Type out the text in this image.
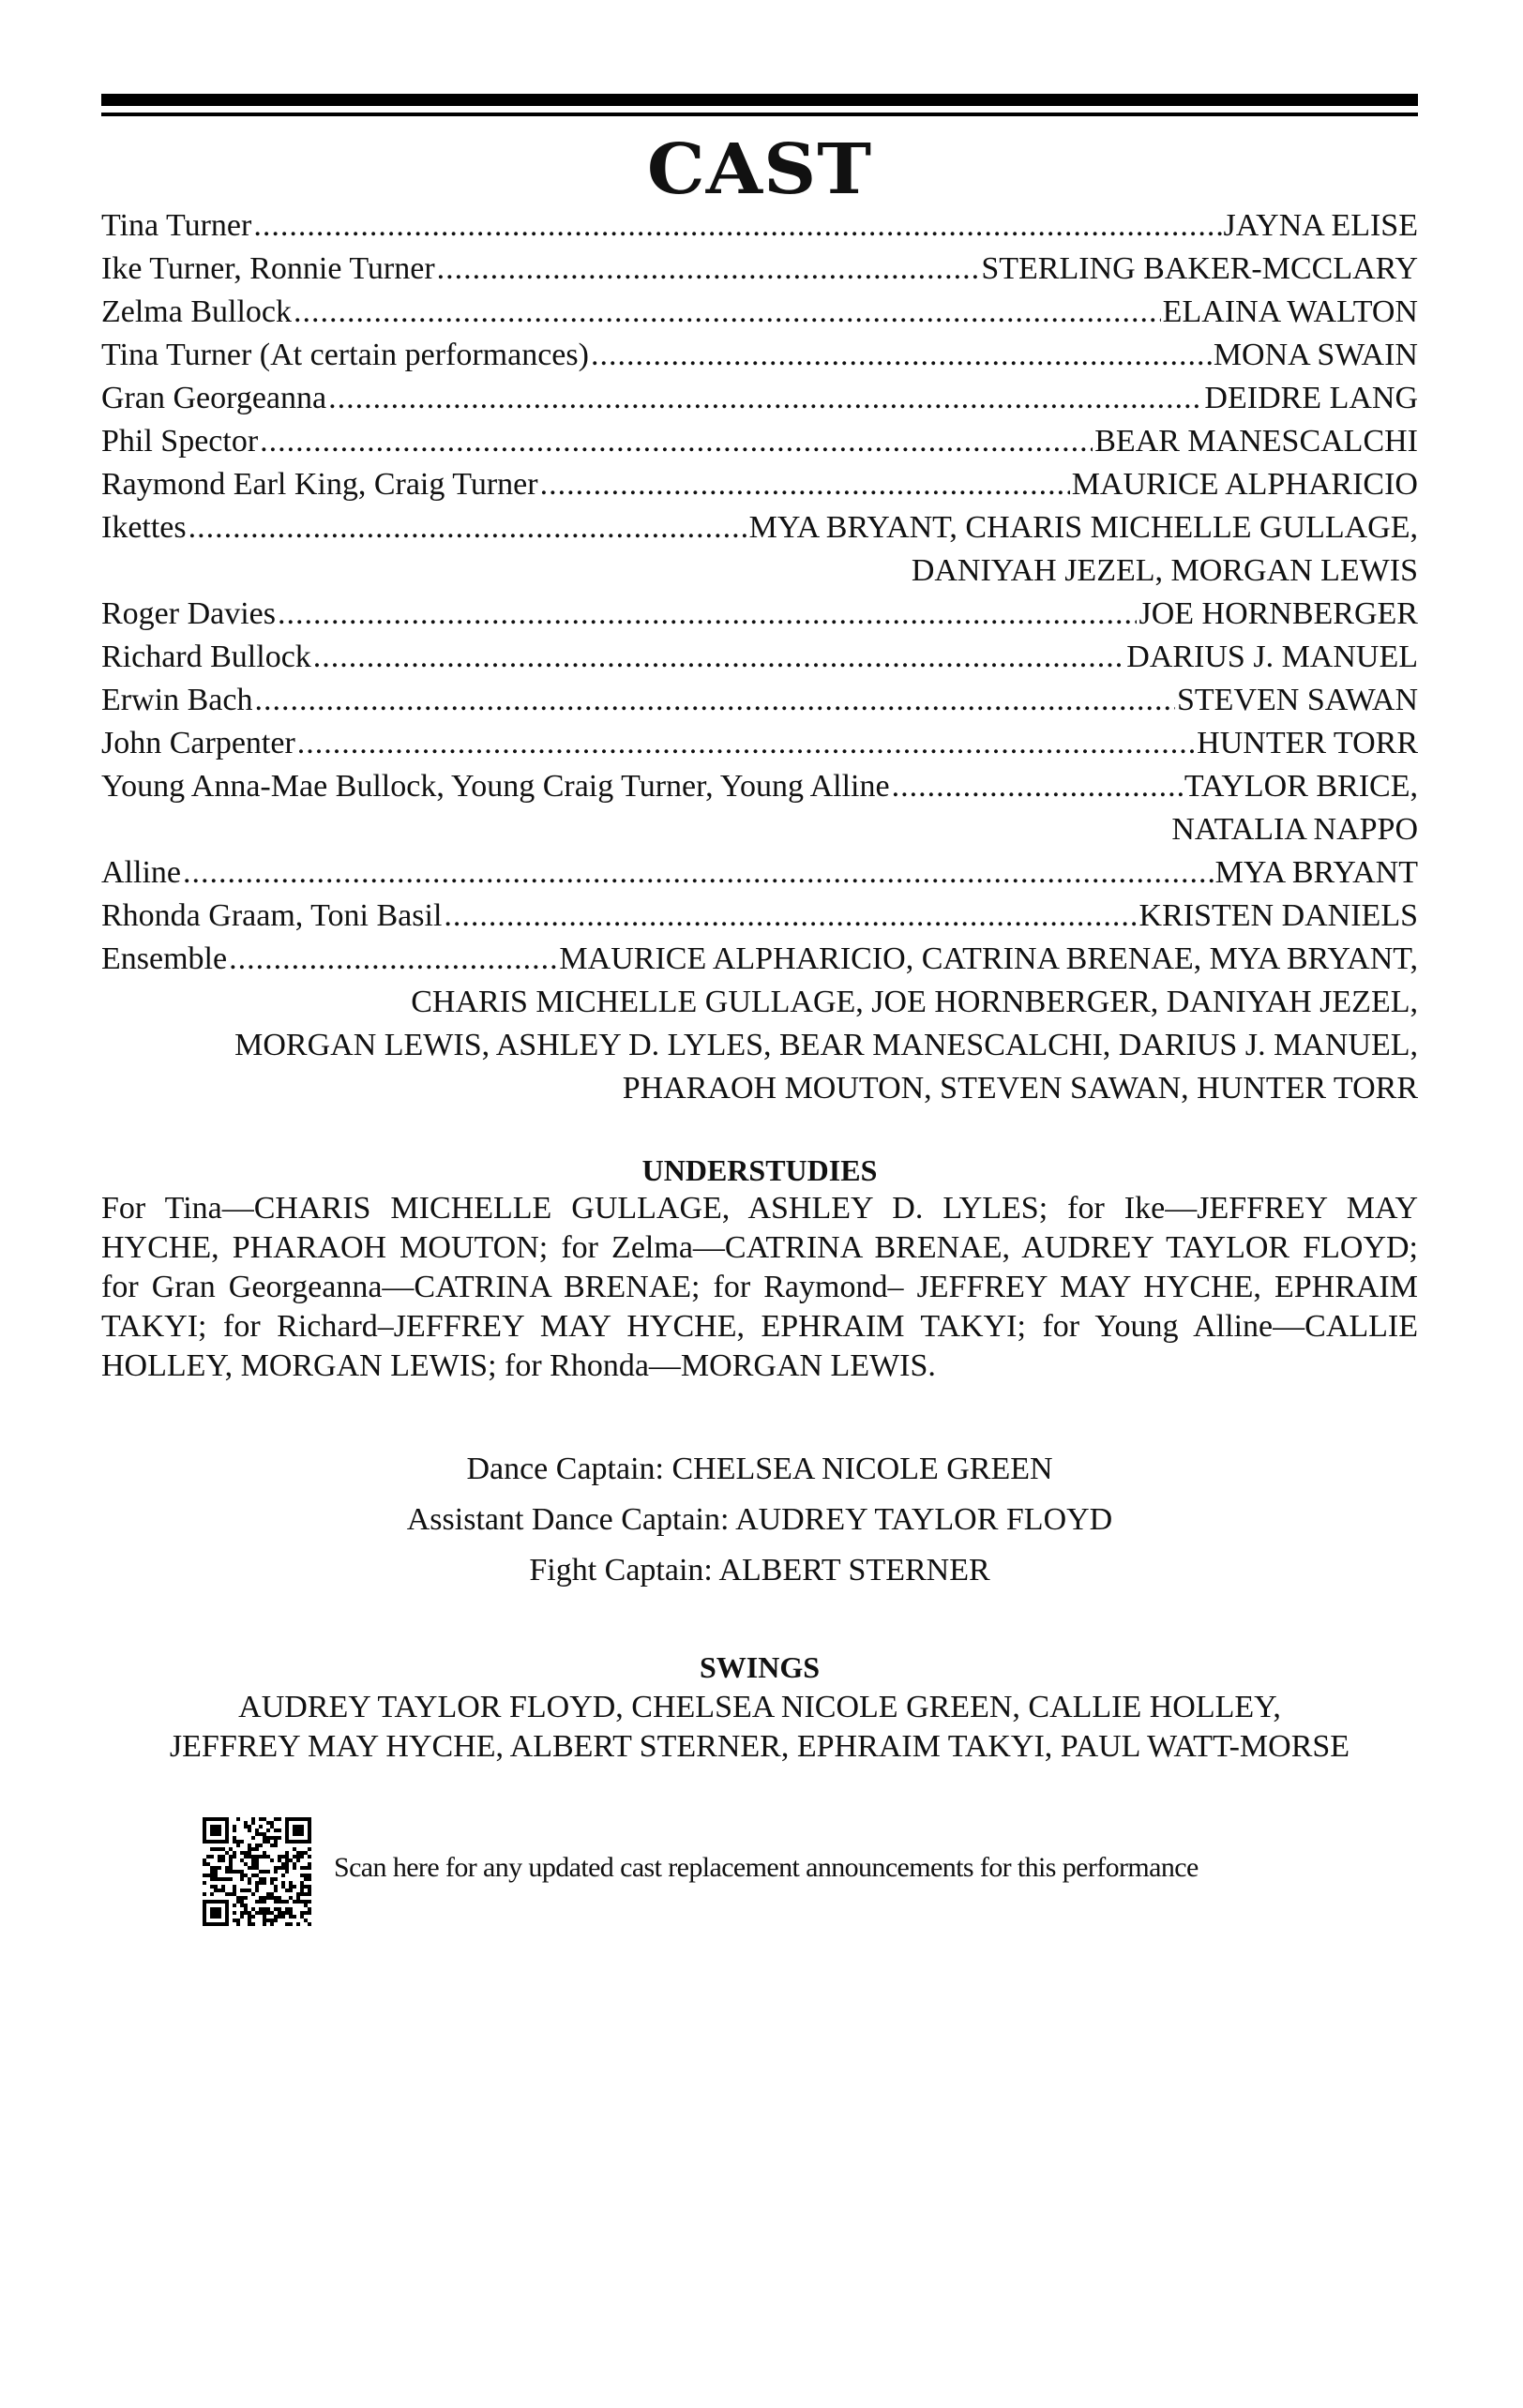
CAST
Tina Turner .....	JAYNA ELISE
Ike Turner, Ronnie Turner .....	STERLING BAKER-MCCLARY
Zelma Bullock .....	ELAINA WALTON
Tina Turner (At certain performances) .....	MONA SWAIN
Gran Georgeanna .....	DEIDRE LANG
Phil Spector .....	BEAR MANESCALCHI
Raymond Earl King, Craig Turner .....	MAURICE ALPHARICIO
Ikettes .....	MYA BRYANT, CHARIS MICHELLE GULLAGE,
DANIYAH JEZEL, MORGAN LEWIS
Roger Davies .....	JOE HORNBERGER
Richard Bullock .....	DARIUS J. MANUEL
Erwin Bach .....	STEVEN SAWAN
John Carpenter .....	HUNTER TORR
Young Anna-Mae Bullock, Young Craig Turner, Young Alline .....	TAYLOR BRICE,
NATALIA NAPPO
Alline .....	MYA BRYANT
Rhonda Graam, Toni Basil .....	KRISTEN DANIELS
Ensemble .....	MAURICE ALPHARICIO, CATRINA BRENAE, MYA BRYANT,
CHARIS MICHELLE GULLAGE, JOE HORNBERGER, DANIYAH JEZEL,
MORGAN LEWIS, ASHLEY D. LYLES, BEAR MANESCALCHI, DARIUS J. MANUEL,
PHARAOH MOUTON, STEVEN SAWAN, HUNTER TORR
UNDERSTUDIES
For Tina—CHARIS MICHELLE GULLAGE, ASHLEY D. LYLES; for Ike—JEFFREY MAY HYCHE, PHARAOH MOUTON; for Zelma—CATRINA BRENAE, AUDREY TAYLOR FLOYD; for Gran Georgeanna—CATRINA BRENAE; for Raymond– JEFFREY MAY HYCHE, EPHRAIM TAKYI; for Richard–JEFFREY MAY HYCHE, EPHRAIM TAKYI; for Young Alline—CALLIE HOLLEY, MORGAN LEWIS; for Rhonda—MORGAN LEWIS.
Dance Captain: CHELSEA NICOLE GREEN
Assistant Dance Captain: AUDREY TAYLOR FLOYD
Fight Captain: ALBERT STERNER
SWINGS
AUDREY TAYLOR FLOYD, CHELSEA NICOLE GREEN, CALLIE HOLLEY,
JEFFREY MAY HYCHE, ALBERT STERNER, EPHRAIM TAKYI, PAUL WATT-MORSE
Scan here for any updated cast replacement announcements for this performance
